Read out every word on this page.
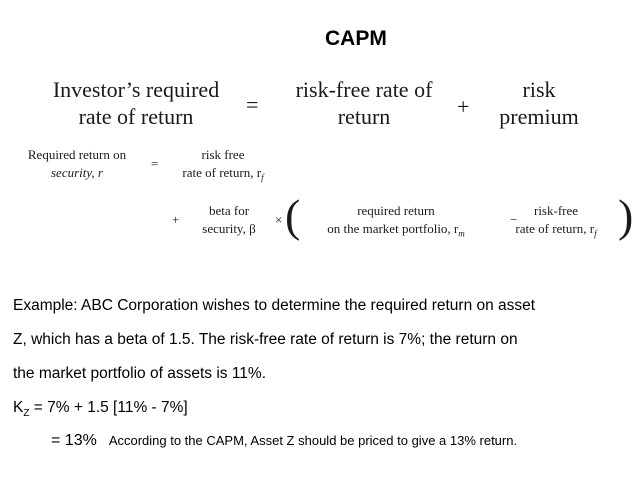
CAPM
Investor’s required
rate of return	=
risk-free rate of
return	+
risk
premium
Required return on
security, r
=
risk free
rate of return, $r_f$
+
beta for
security, β
× (	required return
on the market portfolio, $r_m$
−
risk-free
rate of return, $r_f$ )
Example: ABC Corporation wishes to determine the required return on asset
Z, which has a beta of 1.5. The risk-free rate of return is 7%; the return on
the market portfolio of assets is 11%.
$K_Z = 7\% + 1.5$ [11% - 7%]
= 13% According to the CAPM, Asset Z should be priced to give a 13% return.
